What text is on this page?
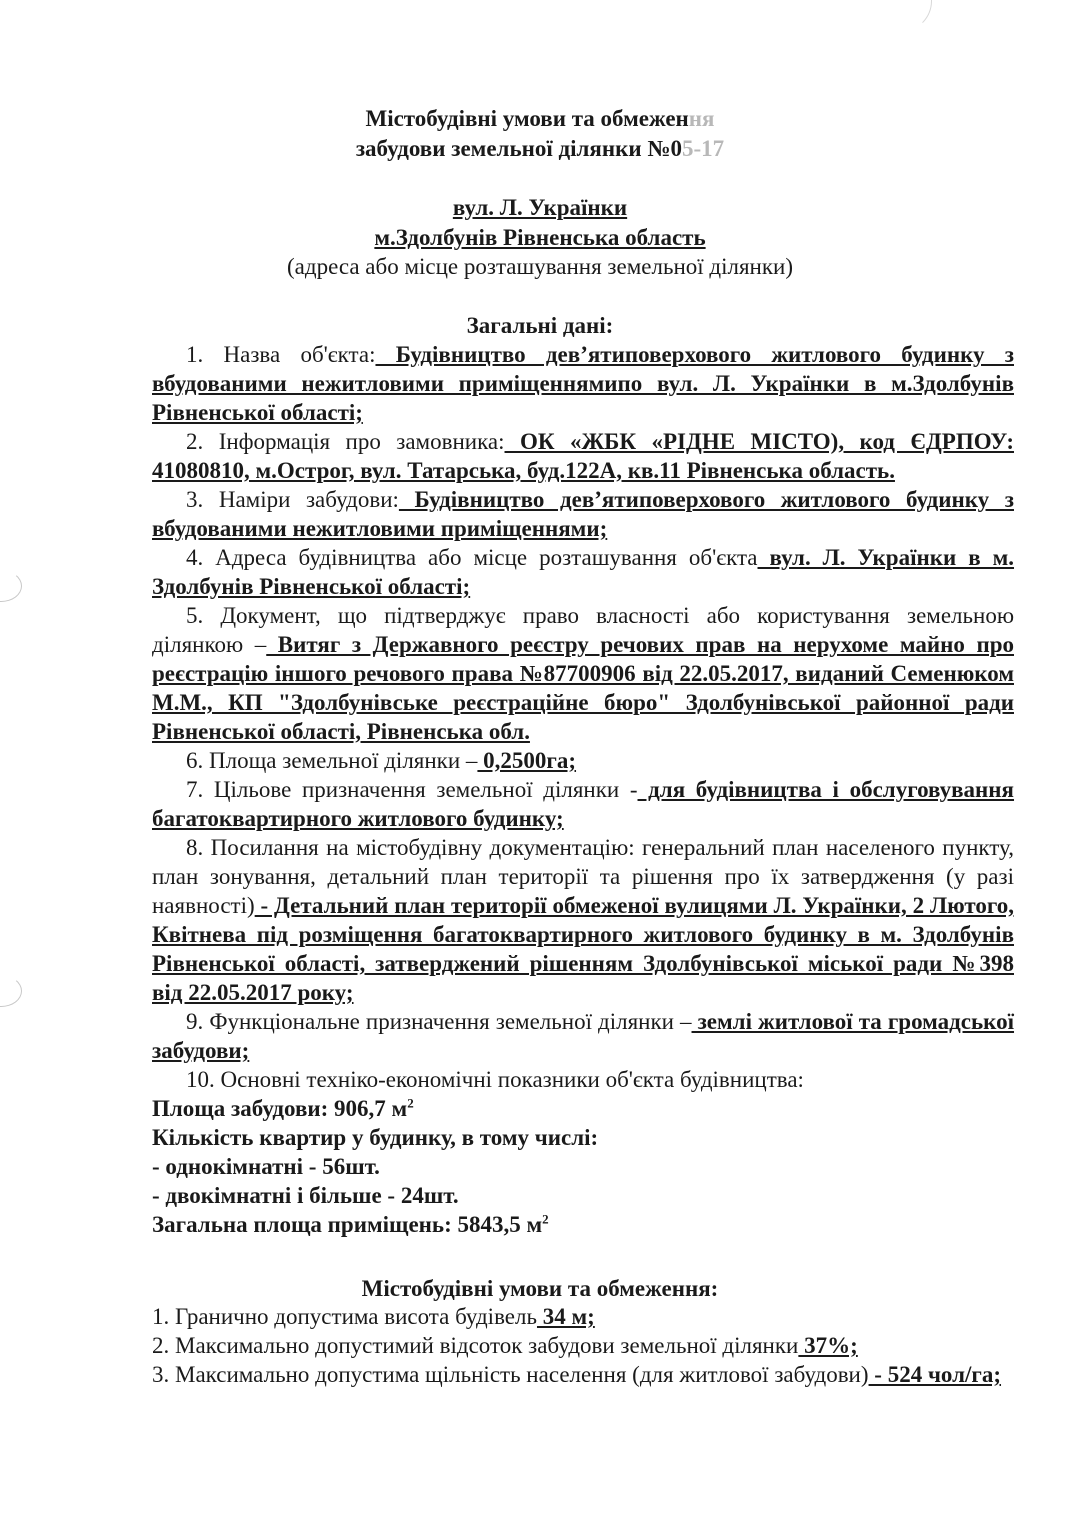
Містобудівні умови та обмеження
забудови земельної ділянки №05-17
вул. Л. Українки
м.Здолбунів Рівненська область
(адреса або місце розташування земельної ділянки)
Загальні дані:

1. Назва об'єкта: Будівництво дев’ятиповерхового житлового будинку з вбудованими нежитловими приміщеннямипо вул. Л. Українки в м.Здолбунів Рівненської області;

2. Інформація про замовника: ОК «ЖБК «РІДНЕ МІСТО), код ЄДРПОУ: 41080810, м.Острог, вул. Татарська, буд.122А, кв.11 Рівненська область.

3. Наміри забудови: Будівництво дев’ятиповерхового житлового будинку з вбудованими нежитловими приміщеннями;

4. Адреса будівництва або місце розташування об'єкта вул. Л. Українки в м. Здолбунів Рівненської області;

5. Документ, що підтверджує право власності або користування земельною ділянкою – Витяг з Державного реєстру речових прав на нерухоме майно про реєстрацію іншого речового права №87700906 від 22.05.2017, виданий Семенюком М.М., КП "Здолбунівське реєстраційне бюро" Здолбунівської районної ради Рівненської області, Рівненська обл.

6. Площа земельної ділянки – 0,2500га;

7. Цільове призначення земельної ділянки - для будівництва і обслуговування багатоквартирного житлового будинку;

8. Посилання на містобудівну документацію: генеральний план населеного пункту, план зонування, детальний план території та рішення про їх затвердження (у разі наявності) - Детальний план території обмеженої вулицями Л. Українки, 2 Лютого, Квітнева під розміщення багатоквартирного житлового будинку в м. Здолбунів Рівненської області, затверджений рішенням Здолбунівської міської ради №398 від 22.05.2017 року;

9. Функціональне призначення земельної ділянки – землі житлової та громадської забудови;

10. Основні техніко-економічні показники об'єкта будівництва:

Площа забудови: 906,7 $м^2$
Кількість квартир у будинку, в тому числі:
- однокімнатні - 56шт.
- двокімнатні і більше - 24шт.
Загальна площа приміщень: 5843,5 $м^2$
Містобудівні умови та обмеження:

1. Гранично допустима висота будівель 34 м;

2. Максимально допустимий відсоток забудови земельної ділянки 37%;

3. Максимально допустима щільність населення (для житлової забудови) - 524 чол/га;
